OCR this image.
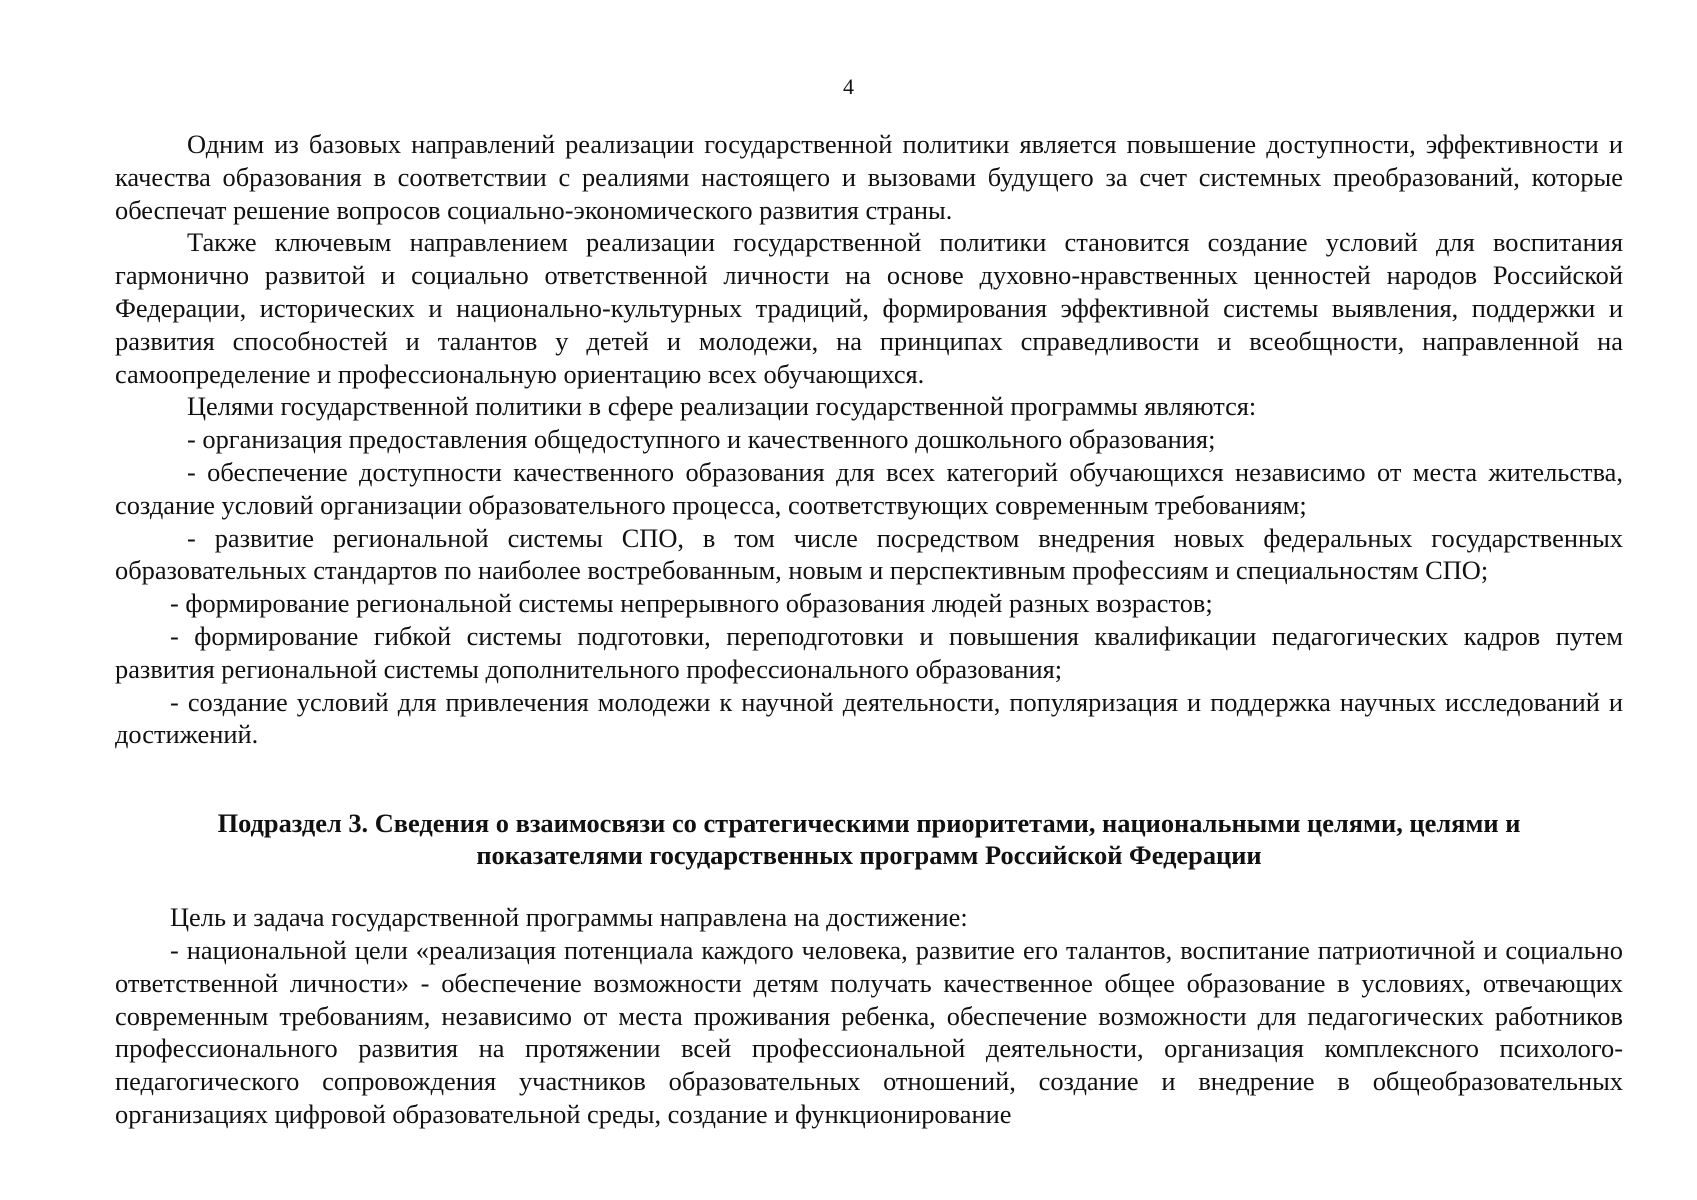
4

Одним из базовых направлений реализации государственной политики является повышение доступности, эффективности и качества образования в соответствии с реалиями настоящего и вызовами будущего за счет системных преобразований, которые обеспечат решение вопросов социально-экономического развития страны.

Также ключевым направлением реализации государственной политики становится создание условий для воспитания гармонично развитой и социально ответственной личности на основе духовно-нравственных ценностей народов Российской Федерации, исторических и национально-культурных традиций, формирования эффективной системы выявления, поддержки и развития способностей и талантов у детей и молодежи, на принципах справедливости и всеобщности, направленной на самоопределение и профессиональную ориентацию всех обучающихся.

Целями государственной политики в сфере реализации государственной программы являются:

- организация предоставления общедоступного и качественного дошкольного образования;

- обеспечение доступности качественного образования для всех категорий обучающихся независимо от места жительства, создание условий организации образовательного процесса, соответствующих современным требованиям;

- развитие региональной системы СПО, в том числе посредством внедрения новых федеральных государственных образовательных стандартов по наиболее востребованным, новым и перспективным профессиям и специальностям СПО;

- формирование региональной системы непрерывного образования людей разных возрастов;

- формирование гибкой системы подготовки, переподготовки и повышения квалификации педагогических кадров путем развития региональной системы дополнительного профессионального образования;

- создание условий для привлечения молодежи к научной деятельности, популяризация и поддержка научных исследований и достижений.

Подраздел 3. Сведения о взаимосвязи со стратегическими приоритетами, национальными целями, целями и
показателями государственных программ Российской Федерации

Цель и задача государственной программы направлена на достижение:

- национальной цели «реализация потенциала каждого человека, развитие его талантов, воспитание патриотичной и социально ответственной личности» - обеспечение возможности детям получать качественное общее образование в условиях, отвечающих современным требованиям, независимо от места проживания ребенка, обеспечение возможности для педагогических работников профессионального развития на протяжении всей профессиональной деятельности, организация комплексного психолого-педагогического сопровождения участников образовательных отношений, создание и внедрение в общеобразовательных организациях цифровой образовательной среды, создание и функционирование
